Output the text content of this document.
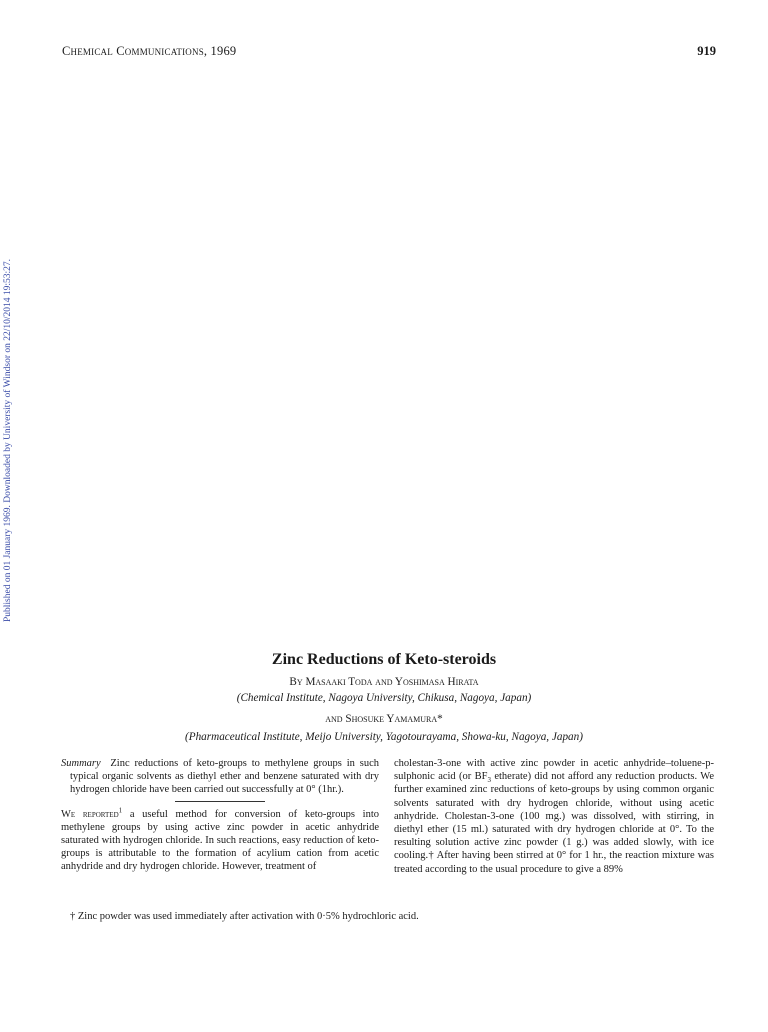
Chemical Communications, 1969	919
Published on 01 January 1969. Downloaded by University of Windsor on 22/10/2014 19:53:27.
Zinc Reductions of Keto-steroids
By Masaaki Toda and Yoshimasa Hirata
(Chemical Institute, Nagoya University, Chikusa, Nagoya, Japan)
and Shosuke Yamamura*
(Pharmaceutical Institute, Meijo University, Yagotourayama, Showa-ku, Nagoya, Japan)

Summary Zinc reductions of keto-groups to methylene groups in such typical organic solvents as diethyl ether and benzene saturated with dry hydrogen chloride have been carried out successfully at 0° (1hr.).

We reported$^1$ a useful method for conversion of keto-groups into methylene groups by using active zinc powder in acetic anhydride saturated with hydrogen chloride. In such reactions, easy reduction of keto-groups is attributable to the formation of acylium cation from acetic anhydride and dry hydrogen chloride. However, treatment of

cholestan-3-one with active zinc powder in acetic anhydride–toluene-p-sulphonic acid (or $BF_3$ etherate) did not afford any reduction products. We further examined zinc reductions of keto-groups by using common organic solvents saturated with dry hydrogen chloride, without using acetic anhydride. Cholestan-3-one (100 mg.) was dissolved, with stirring, in diethyl ether (15 ml.) saturated with dry hydrogen chloride at 0°. To the resulting solution active zinc powder (1 g.) was added slowly, with ice cooling.† After having been stirred at 0° for 1 hr., the reaction mixture was treated according to the usual procedure to give a 89%

† Zinc powder was used immediately after activation with 0·5% hydrochloric acid.
